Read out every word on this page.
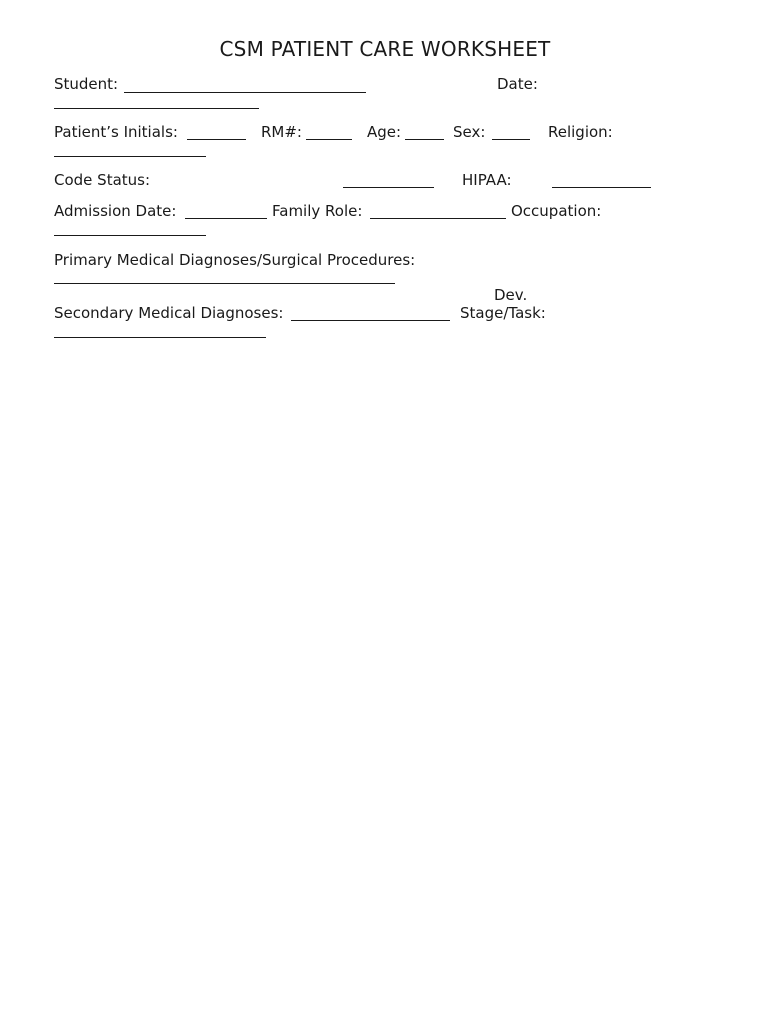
CSM PATIENT CARE WORKSHEET
Student:	Date:
Patient’s Initials:	RM#:	Age:	Sex:	Religion:
Code Status:	HIPAA:
Admission Date:	Family Role:	Occupation:
Primary Medical Diagnoses/Surgical Procedures:
Dev.
Secondary Medical Diagnoses:	Stage/Task:
